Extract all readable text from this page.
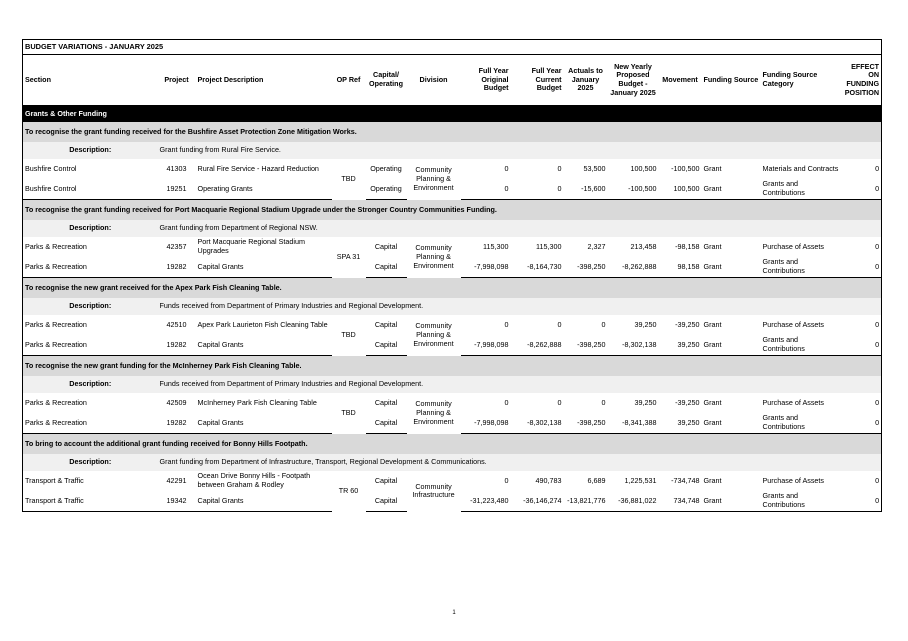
BUDGET VARIATIONS - JANUARY 2025													
Section	Project	Project Description	OP Ref	Capital/ Operating	Division	Full Year Original Budget	Full Year Current Budget	Actuals to January 2025	New Yearly Proposed Budget - January 2025	Movement	Funding Source	Funding Source Category	EFFECT ON FUNDING POSITION
Grants & Other Funding													
To recognise the grant funding received for the Bushfire Asset Protection Zone Mitigation Works.													
Description:	Grant funding from Rural Fire Service.												
Bushfire Control	41303	Rural Fire Service - Hazard Reduction	TBD	Operating	Community Planning & Environment	0	0	53,500	100,500	-100,500	Grant	Materials and Contracts	0
Bushfire Control	19251	Operating Grants		Operating		0	0	-15,600	-100,500	100,500	Grant	Grants and Contributions	0
To recognise the grant funding received for Port Macquarie Regional Stadium Upgrade under the Stronger Country Communities Funding.													
Description:	Grant funding from Department of Regional NSW.												
Parks & Recreation	42357	Port Macquarie Regional Stadium Upgrades	SPA 31	Capital	Community Planning & Environment	115,300	115,300	2,327	213,458	-98,158	Grant	Purchase of Assets	0
Parks & Recreation	19282	Capital Grants		Capital		-7,998,098	-8,164,730	-398,250	-8,262,888	98,158	Grant	Grants and Contributions	0
To recognise the new grant received for the Apex Park Fish Cleaning Table.													
Description:	Funds received from Department of Primary Industries and Regional Development.												
Parks & Recreation	42510	Apex Park Laurieton Fish Cleaning Table	TBD	Capital	Community Planning & Environment	0	0	0	39,250	-39,250	Grant	Purchase of Assets	0
Parks & Recreation	19282	Capital Grants		Capital		-7,998,098	-8,262,888	-398,250	-8,302,138	39,250	Grant	Grants and Contributions	0
To recognise the new grant funding for the McInherney Park Fish Cleaning Table.													
Description:	Funds received from Department of Primary Industries and Regional Development.												
Parks & Recreation	42509	McInherney Park Fish Cleaning Table	TBD	Capital	Community Planning & Environment	0	0	0	39,250	-39,250	Grant	Purchase of Assets	0
Parks & Recreation	19282	Capital Grants		Capital		-7,998,098	-8,302,138	-398,250	-8,341,388	39,250	Grant	Grants and Contributions	0
To bring to account the additional grant funding received for Bonny Hills Footpath.													
Description:	Grant funding from Department of Infrastructure, Transport, Regional Development & Communications.												
Transport & Traffic	42291	Ocean Drive Bonny Hills - Footpath between Graham & Rodley	TR 60	Capital	Community Infrastructure	0	490,783	6,689	1,225,531	-734,748	Grant	Purchase of Assets	0
Transport & Traffic	19342	Capital Grants		Capital		-31,223,480	-36,146,274	-13,821,776	-36,881,022	734,748	Grant	Grants and Contributions	0
1
